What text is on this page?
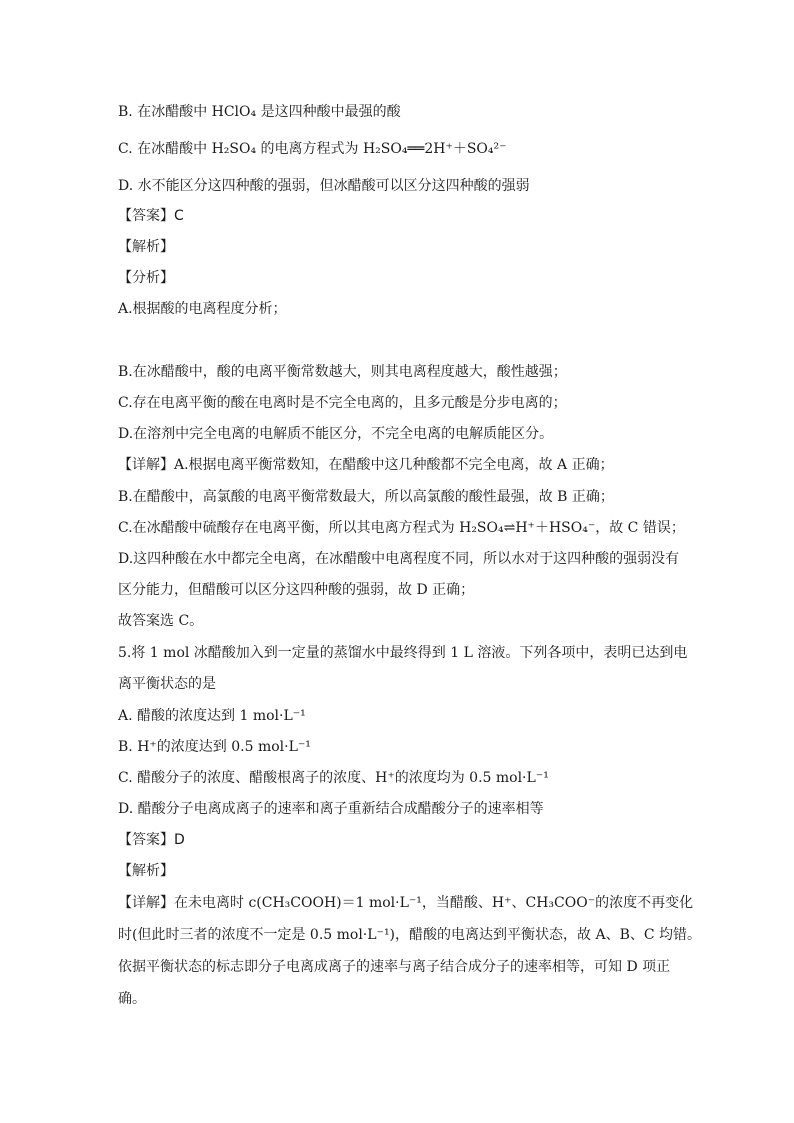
B. 在冰醋酸中 HClO₄ 是这四种酸中最强的酸
C. 在冰醋酸中 H₂SO₄ 的电离方程式为 H₂SO₄══2H⁺＋SO₄²⁻
D. 水不能区分这四种酸的强弱，但冰醋酸可以区分这四种酸的强弱
【答案】C
【解析】
【分析】
A.根据酸的电离程度分析；
B.在冰醋酸中，酸的电离平衡常数越大，则其电离程度越大，酸性越强；
C.存在电离平衡的酸在电离时是不完全电离的，且多元酸是分步电离的；
D.在溶剂中完全电离的电解质不能区分，不完全电离的电解质能区分。
【详解】A.根据电离平衡常数知，在醋酸中这几种酸都不完全电离，故 A 正确；
B.在醋酸中，高氯酸的电离平衡常数最大，所以高氯酸的酸性最强，故 B 正确；
C.在冰醋酸中硫酸存在电离平衡，所以其电离方程式为 H₂SO₄⇌H⁺＋HSO₄⁻，故 C 错误；
D.这四种酸在水中都完全电离，在冰醋酸中电离程度不同，所以水对于这四种酸的强弱没有
区分能力，但醋酸可以区分这四种酸的强弱，故 D 正确；
故答案选 C。
5.将 1 mol 冰醋酸加入到一定量的蒸馏水中最终得到 1 L 溶液。下列各项中，表明已达到电
离平衡状态的是
A. 醋酸的浓度达到 1 mol·L⁻¹
B. H⁺的浓度达到 0.5 mol·L⁻¹
C. 醋酸分子的浓度、醋酸根离子的浓度、H⁺的浓度均为 0.5 mol·L⁻¹
D. 醋酸分子电离成离子的速率和离子重新结合成醋酸分子的速率相等
【答案】D
【解析】
【详解】在未电离时 c(CH₃COOH)＝1 mol·L⁻¹，当醋酸、H⁺、CH₃COO⁻的浓度不再变化
时(但此时三者的浓度不一定是 0.5 mol·L⁻¹)，醋酸的电离达到平衡状态，故 A、B、C 均错。
依据平衡状态的标志即分子电离成离子的速率与离子结合成分子的速率相等，可知 D 项正
确。
